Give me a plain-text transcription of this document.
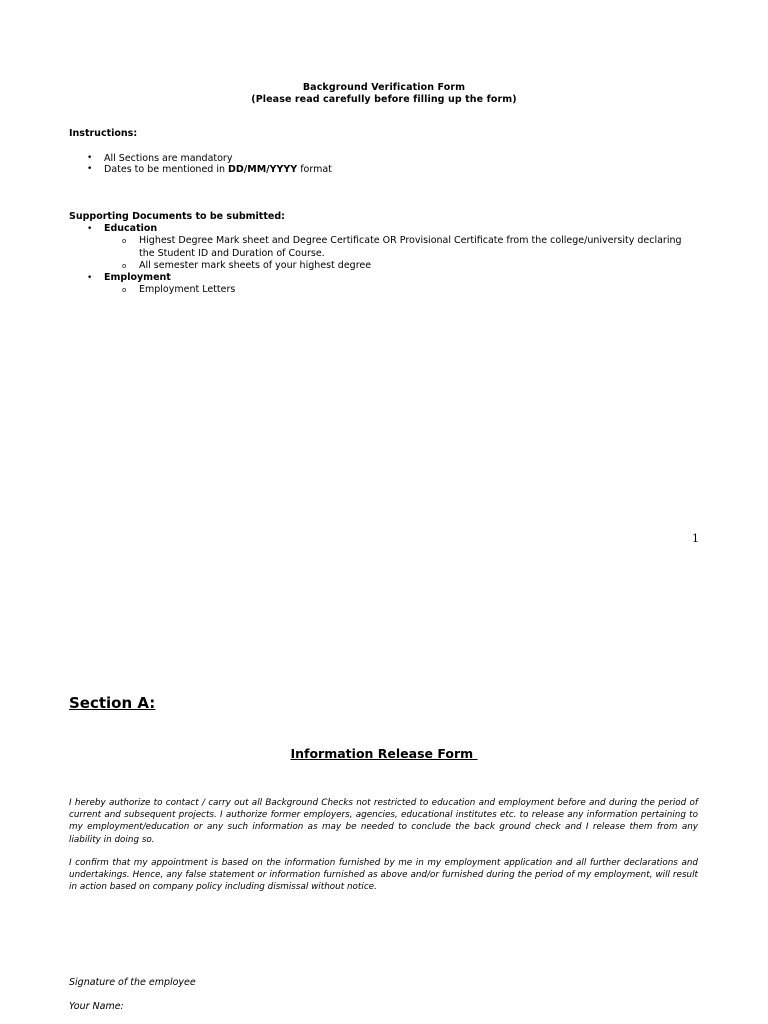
Background Verification Form
(Please read carefully before filling up the form)
Instructions:
• All Sections are mandatory
• Dates to be mentioned in DD/MM/YYYY format
Supporting Documents to be submitted:
• Education
o Highest Degree Mark sheet and Degree Certificate OR Provisional Certificate from the college/university declaring
the Student ID and Duration of Course.
o All semester mark sheets of your highest degree
• Employment
o Employment Letters
1
Section A:
Information Release Form
I hereby authorize to contact / carry out all Background Checks not restricted to education and employment before and during the period of current and subsequent projects. I authorize former employers, agencies, educational institutes etc. to release any information pertaining to my employment/education or any such information as may be needed to conclude the back ground check and I release them from any liability in doing so.
I confirm that my appointment is based on the information furnished by me in my employment application and all further declarations and undertakings. Hence, any false statement or information furnished as above and/or furnished during the period of my employment, will result in action based on company policy including dismissal without notice.
Signature of the employee
Your Name:
